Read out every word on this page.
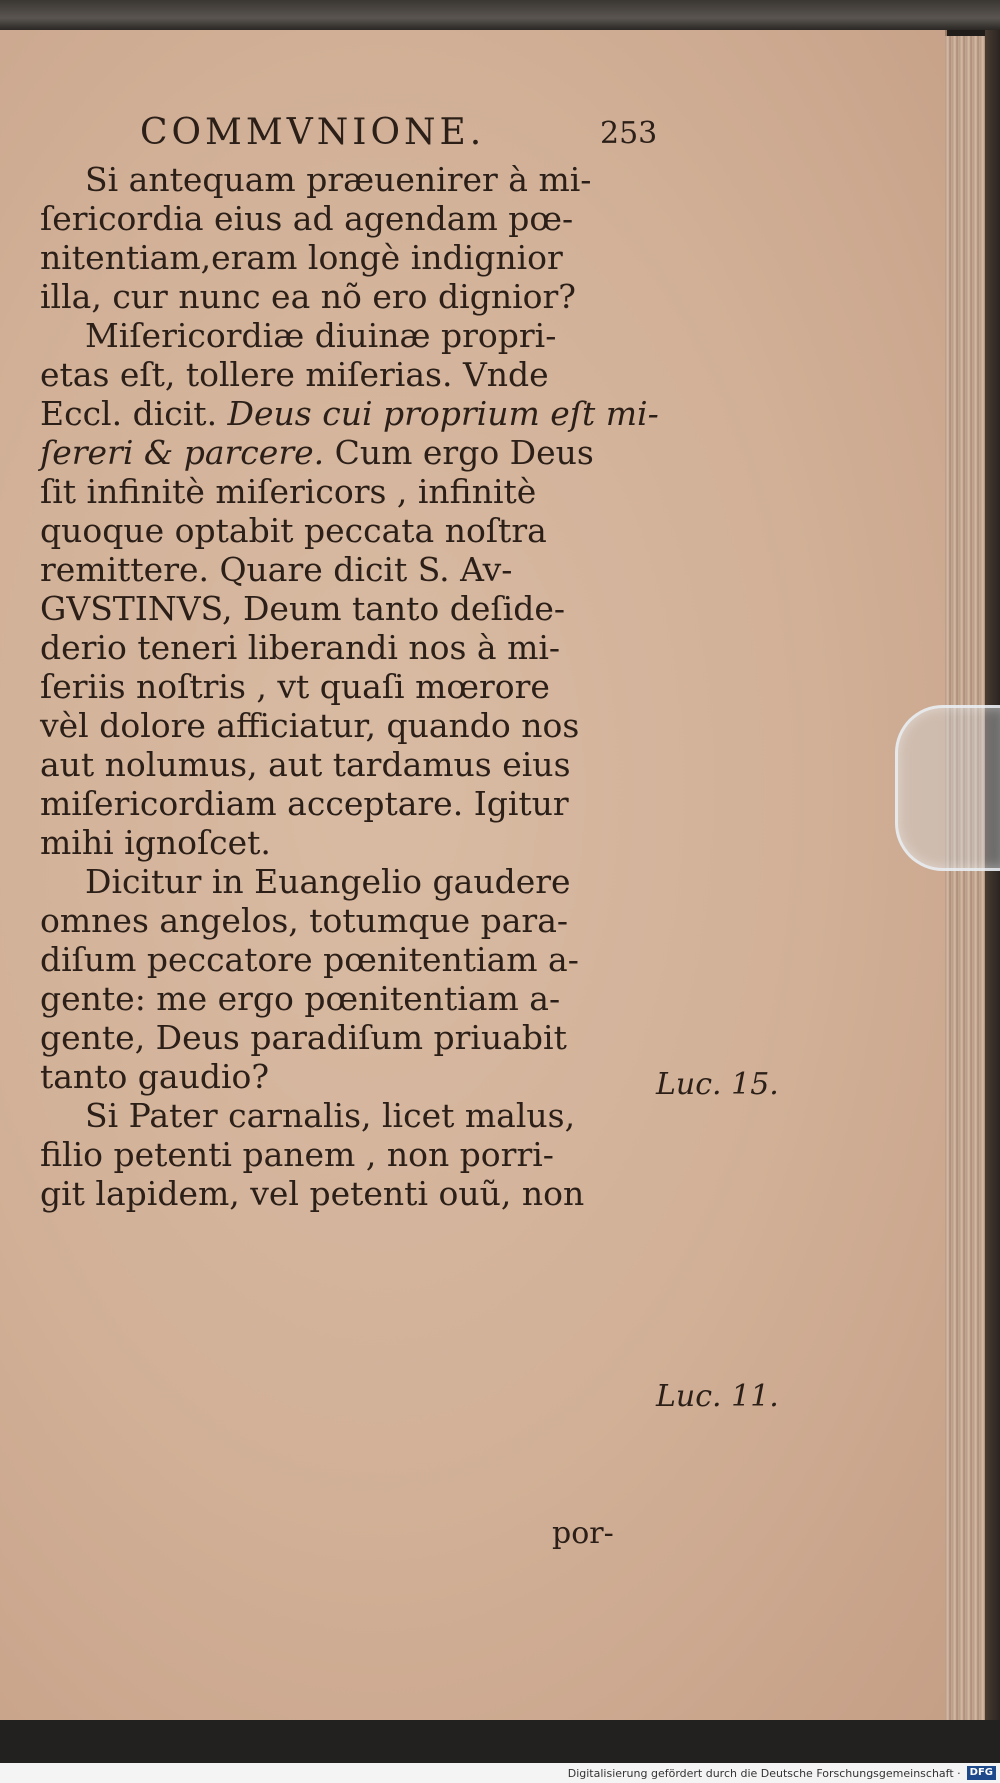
COMMVNIONE.	253
Si antequam præuenirer à mi-
ſericordia eius ad agendam pœ-
nitentiam,eram longè indignior
illa, cur nunc ea nõ ero dignior?
Miſericordiæ diuinæ propri-
etas eſt, tollere miſerias. Vnde
Eccl. dicit. Deus cui proprium eſt mi-
ſereri & parcere. Cum ergo Deus
ſit infinitè miſericors , infinitè
quoque optabit peccata noſtra
remittere. Quare dicit S. Av-
GVSTINVS, Deum tanto deſide-
derio teneri liberandi nos à mi-
ſeriis noſtris , vt quaſi mœrore
vèl dolore afficiatur, quando nos
aut nolumus, aut tardamus eius
miſericordiam acceptare. Igitur
mihi ignoſcet.
Dicitur in Euangelio gaudere
omnes angelos, totumque para-
diſum peccatore pœnitentiam a-
gente: me ergo pœnitentiam a-
gente, Deus paradiſum priuabit
tanto gaudio?
Si Pater carnalis, licet malus,
filio petenti panem , non porri-
git lapidem, vel petenti ouũ, non
Luc. 15.
Luc. 11.
por-
Digitalisierung gefördert durch die Deutsche Forschungsgemeinschaft · DFG
